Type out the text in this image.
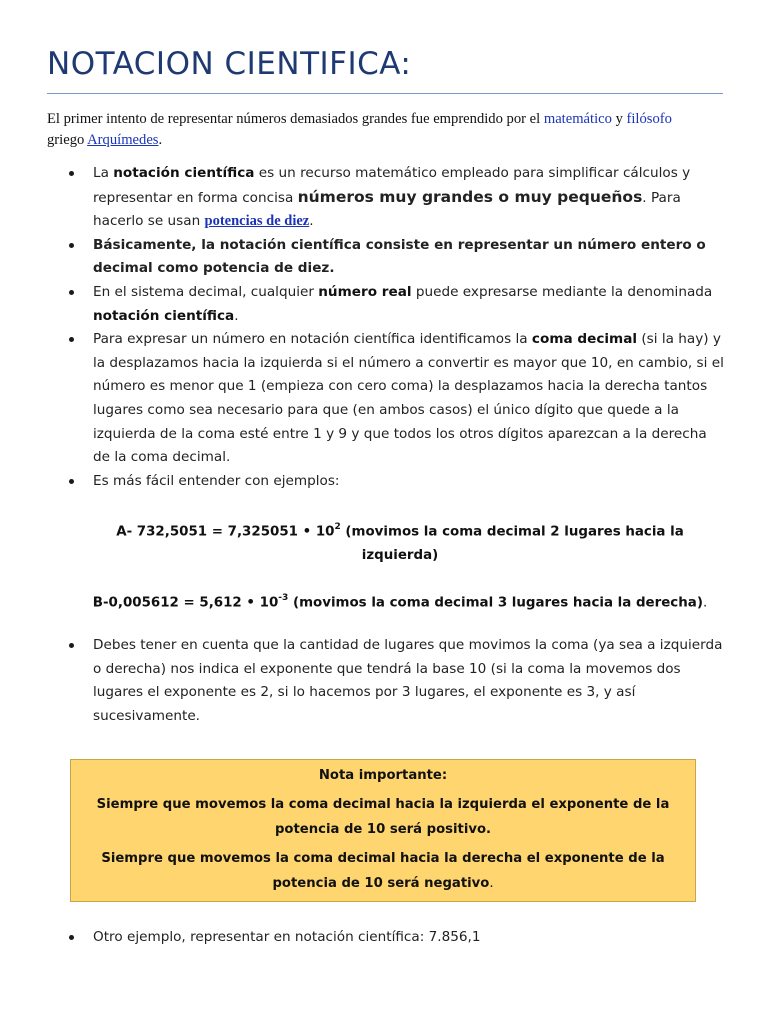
NOTACION CIENTIFICA:

El primer intento de representar números demasiados grandes fue emprendido por el matemático y filósofo
griego Arquímedes.

La notación científica es un recurso matemático empleado para simplificar cálculos y representar en forma concisa números muy grandes o muy pequeños. Para hacerlo se usan potencias de diez.
Básicamente, la notación científica consiste en representar un número entero o decimal como potencia de diez.
En el sistema decimal, cualquier número real puede expresarse mediante la denominada notación científica.
Para expresar un número en notación científica identificamos la coma decimal (si la hay) y la desplazamos hacia la izquierda si el número a convertir es mayor que 10, en cambio, si el número es menor que 1 (empieza con cero coma) la desplazamos hacia la derecha tantos lugares como sea necesario para que (en ambos casos) el único dígito que quede a la izquierda de la coma esté entre 1 y 9 y que todos los otros dígitos aparezcan a la derecha de la coma decimal.
Es más fácil entender con ejemplos:
A- 732,5051 = 7,325051 • $10^2$ (movimos la coma decimal 2 lugares hacia la izquierda)
B-0,005612 = 5,612 • $10^{-3}$ (movimos la coma decimal 3 lugares hacia la derecha).
Debes tener en cuenta que la cantidad de lugares que movimos la coma (ya sea a izquierda o derecha) nos indica el exponente que tendrá la base 10 (si la coma la movemos dos lugares el exponente es 2, si lo hacemos por 3 lugares, el exponente es 3, y así sucesivamente.
Nota importante:
Siempre que movemos la coma decimal hacia la izquierda el exponente de la potencia de 10 será positivo.
Siempre que movemos la coma decimal hacia la derecha el exponente de la potencia de 10 será negativo.
Otro ejemplo, representar en notación científica: 7.856,1
